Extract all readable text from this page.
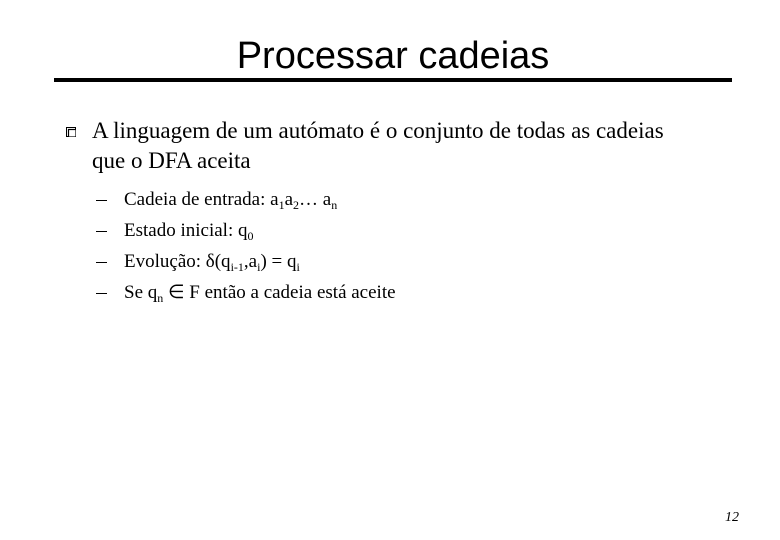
Processar cadeias
A linguagem de um autómato é o conjunto de todas as cadeias que o DFA aceita
Cadeia de entrada: $a_1a_2\dots$ $a_n$
Estado inicial: $q_0$
Evolução: $\delta(q_{i-1},a_i) = q_i$
Se $q_n$ ∈ F então a cadeia está aceite
12
